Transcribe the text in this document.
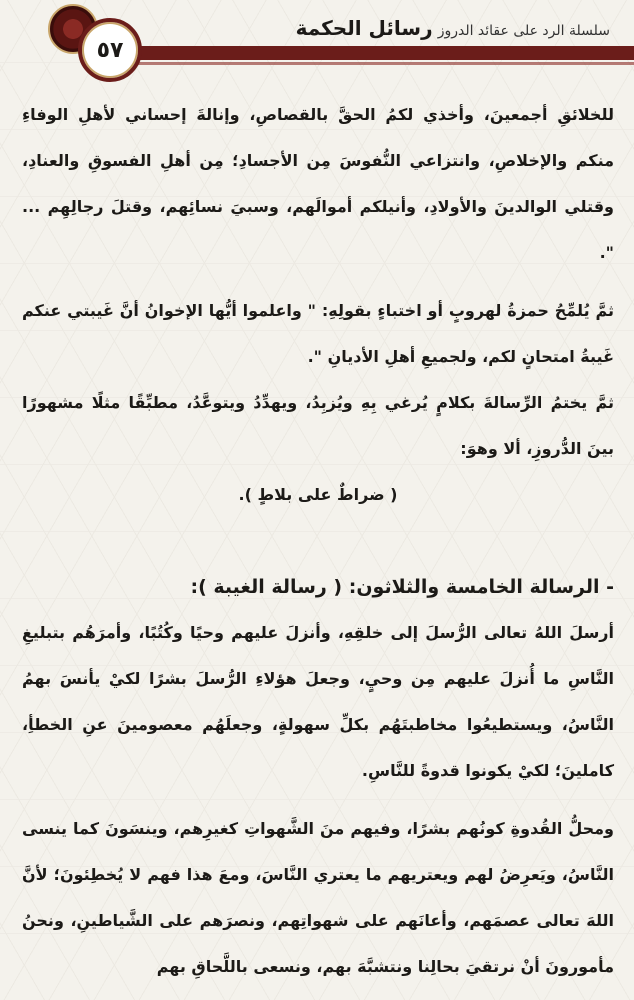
٥٧
سلسلة الرد على عقائد الدروز رسائل الحكمة

للخلائقِ أجمعينَ، وأخذي لكمُ الحقَّ بالقصاصِ، وإنالةَ إحساني لأهلِ الوفاءِ منكم والإخلاصِ، وانتزاعي النُّفوسَ مِن الأجسادِ؛ مِن أهلِ الفسوقِ والعنادِ، وقتلي الوالدينَ والأولادِ، وأنيلكم أموالَهم، وسبيَ نسائِهم، وقتلَ رجالِهِم ... ".

ثمَّ يُلمِّحُ حمزةُ لهروبٍ أو اختباءٍ بقولِهِ: " واعلموا أيُّها الإخوانُ أنَّ غَيبتي عنكم غَيبةُ امتحانٍ لكم، ولجميعِ أهلِ الأديانِ ".

ثمَّ يختمُ الرِّسالةَ بكلامٍ يُرغي بِهِ ويُزبِدُ، ويهدِّدُ ويتوعَّدُ، مطبِّقًا مثلًا مشهورًا بينَ الدُّروزِ، ألا وهوَ:

( ضراطٌ على بلاطٍ ).

- الرسالة الخامسة والثلاثون: ( رسالة الغيبة ):

أرسلَ اللهُ تعالى الرُّسلَ إلى خلقِهِ، وأنزلَ عليهم وحيًا وكُتُبًا، وأمرَهُم بتبليغِ النَّاسِ ما أُنزلَ عليهم مِن وحيٍ، وجعلَ هؤلاءِ الرُّسلَ بشرًا لكيْ يأنسَ بهمُ النَّاسُ، ويستطيعُوا مخاطبتَهُم بكلِّ سهولةٍ، وجعلَهُم معصومينَ عنِ الخطأِ، كاملينَ؛ لكيْ يكونوا قدوةً للنَّاسِ.

ومحلُّ القُدوةِ كونُهم بشرًا، وفيهم منَ الشَّهواتِ كغيرِهم، وينسَونَ كما ينسى النَّاسُ، ويَعرِضُ لهم ويعتريهم ما يعتري النَّاسَ، ومعَ هذا فهم لا يُخطِئونَ؛ لأنَّ اللهَ تعالى عصمَهم، وأعانَهم على شهواتِهم، ونصرَهم على الشَّياطينِ، ونحنُ مأمورونَ أنْ نرتقيَ بحالِنا ونتشبَّهَ بهم، ونسعى باللَّحاقِ بهم
